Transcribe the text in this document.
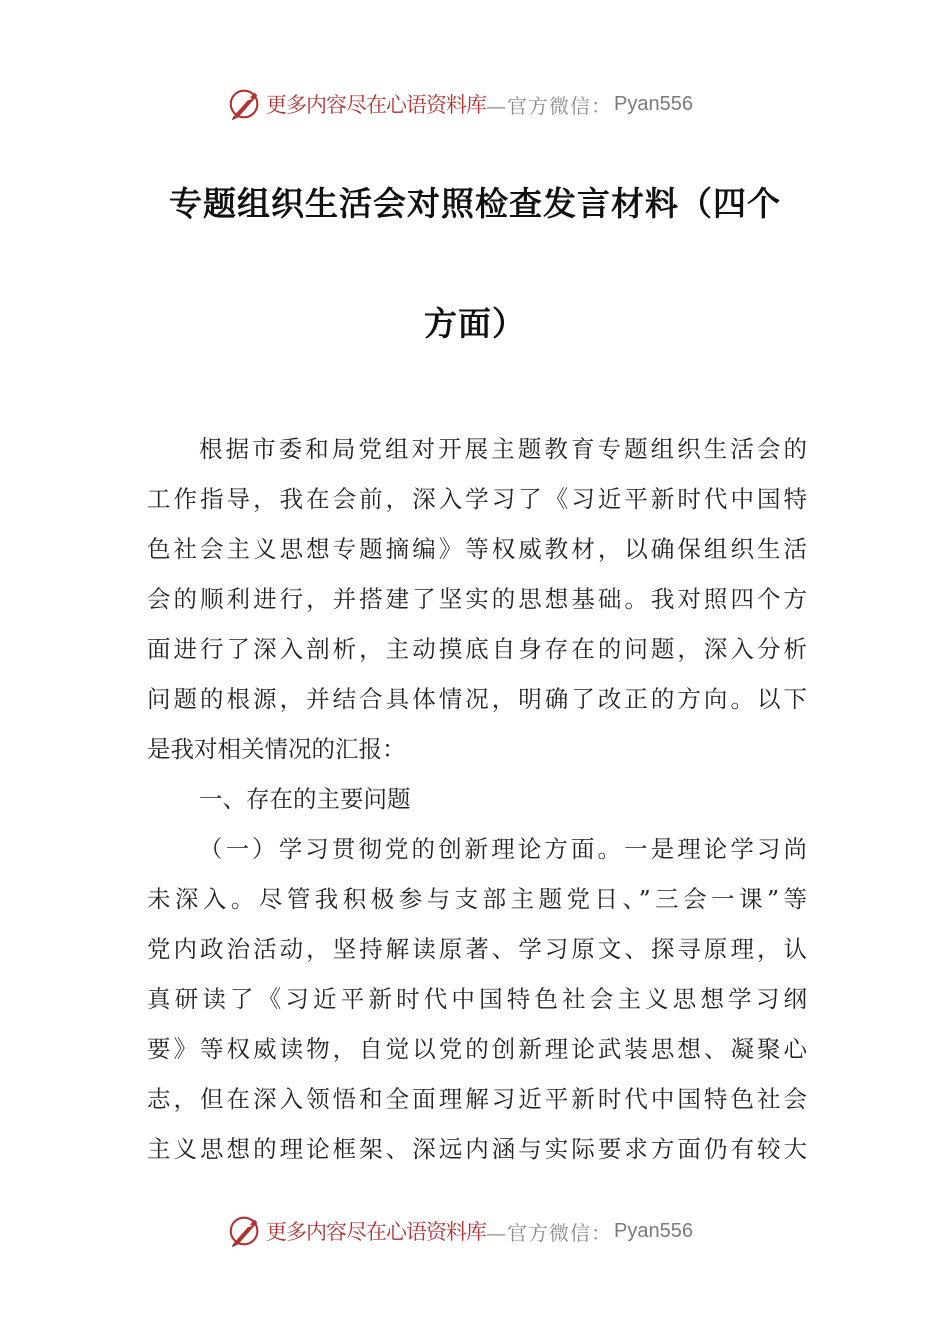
更多内容尽在心语资料库 —官方微信： Pyan556
专题组织生活会对照检查发言材料（四个
方面）
根据市委和局党组对开展主题教育专题组织生活会的
工作指导，我在会前，深入学习了《习近平新时代中国特
色社会主义思想专题摘编》等权威教材，以确保组织生活
会的顺利进行，并搭建了坚实的思想基础。我对照四个方
面进行了深入剖析，主动摸底自身存在的问题，深入分析
问题的根源，并结合具体情况，明确了改正的方向。以下
是我对相关情况的汇报：
一、存在的主要问题
（一）学习贯彻党的创新理论方面。一是理论学习尚
未深入。尽管我积极参与支部主题党日、”三会一课”等
党内政治活动，坚持解读原著、学习原文、探寻原理，认
真研读了《习近平新时代中国特色社会主义思想学习纲
要》等权威读物，自觉以党的创新理论武装思想、凝聚心
志，但在深入领悟和全面理解习近平新时代中国特色社会
主义思想的理论框架、深远内涵与实际要求方面仍有较大
更多内容尽在心语资料库 —官方微信： Pyan556
